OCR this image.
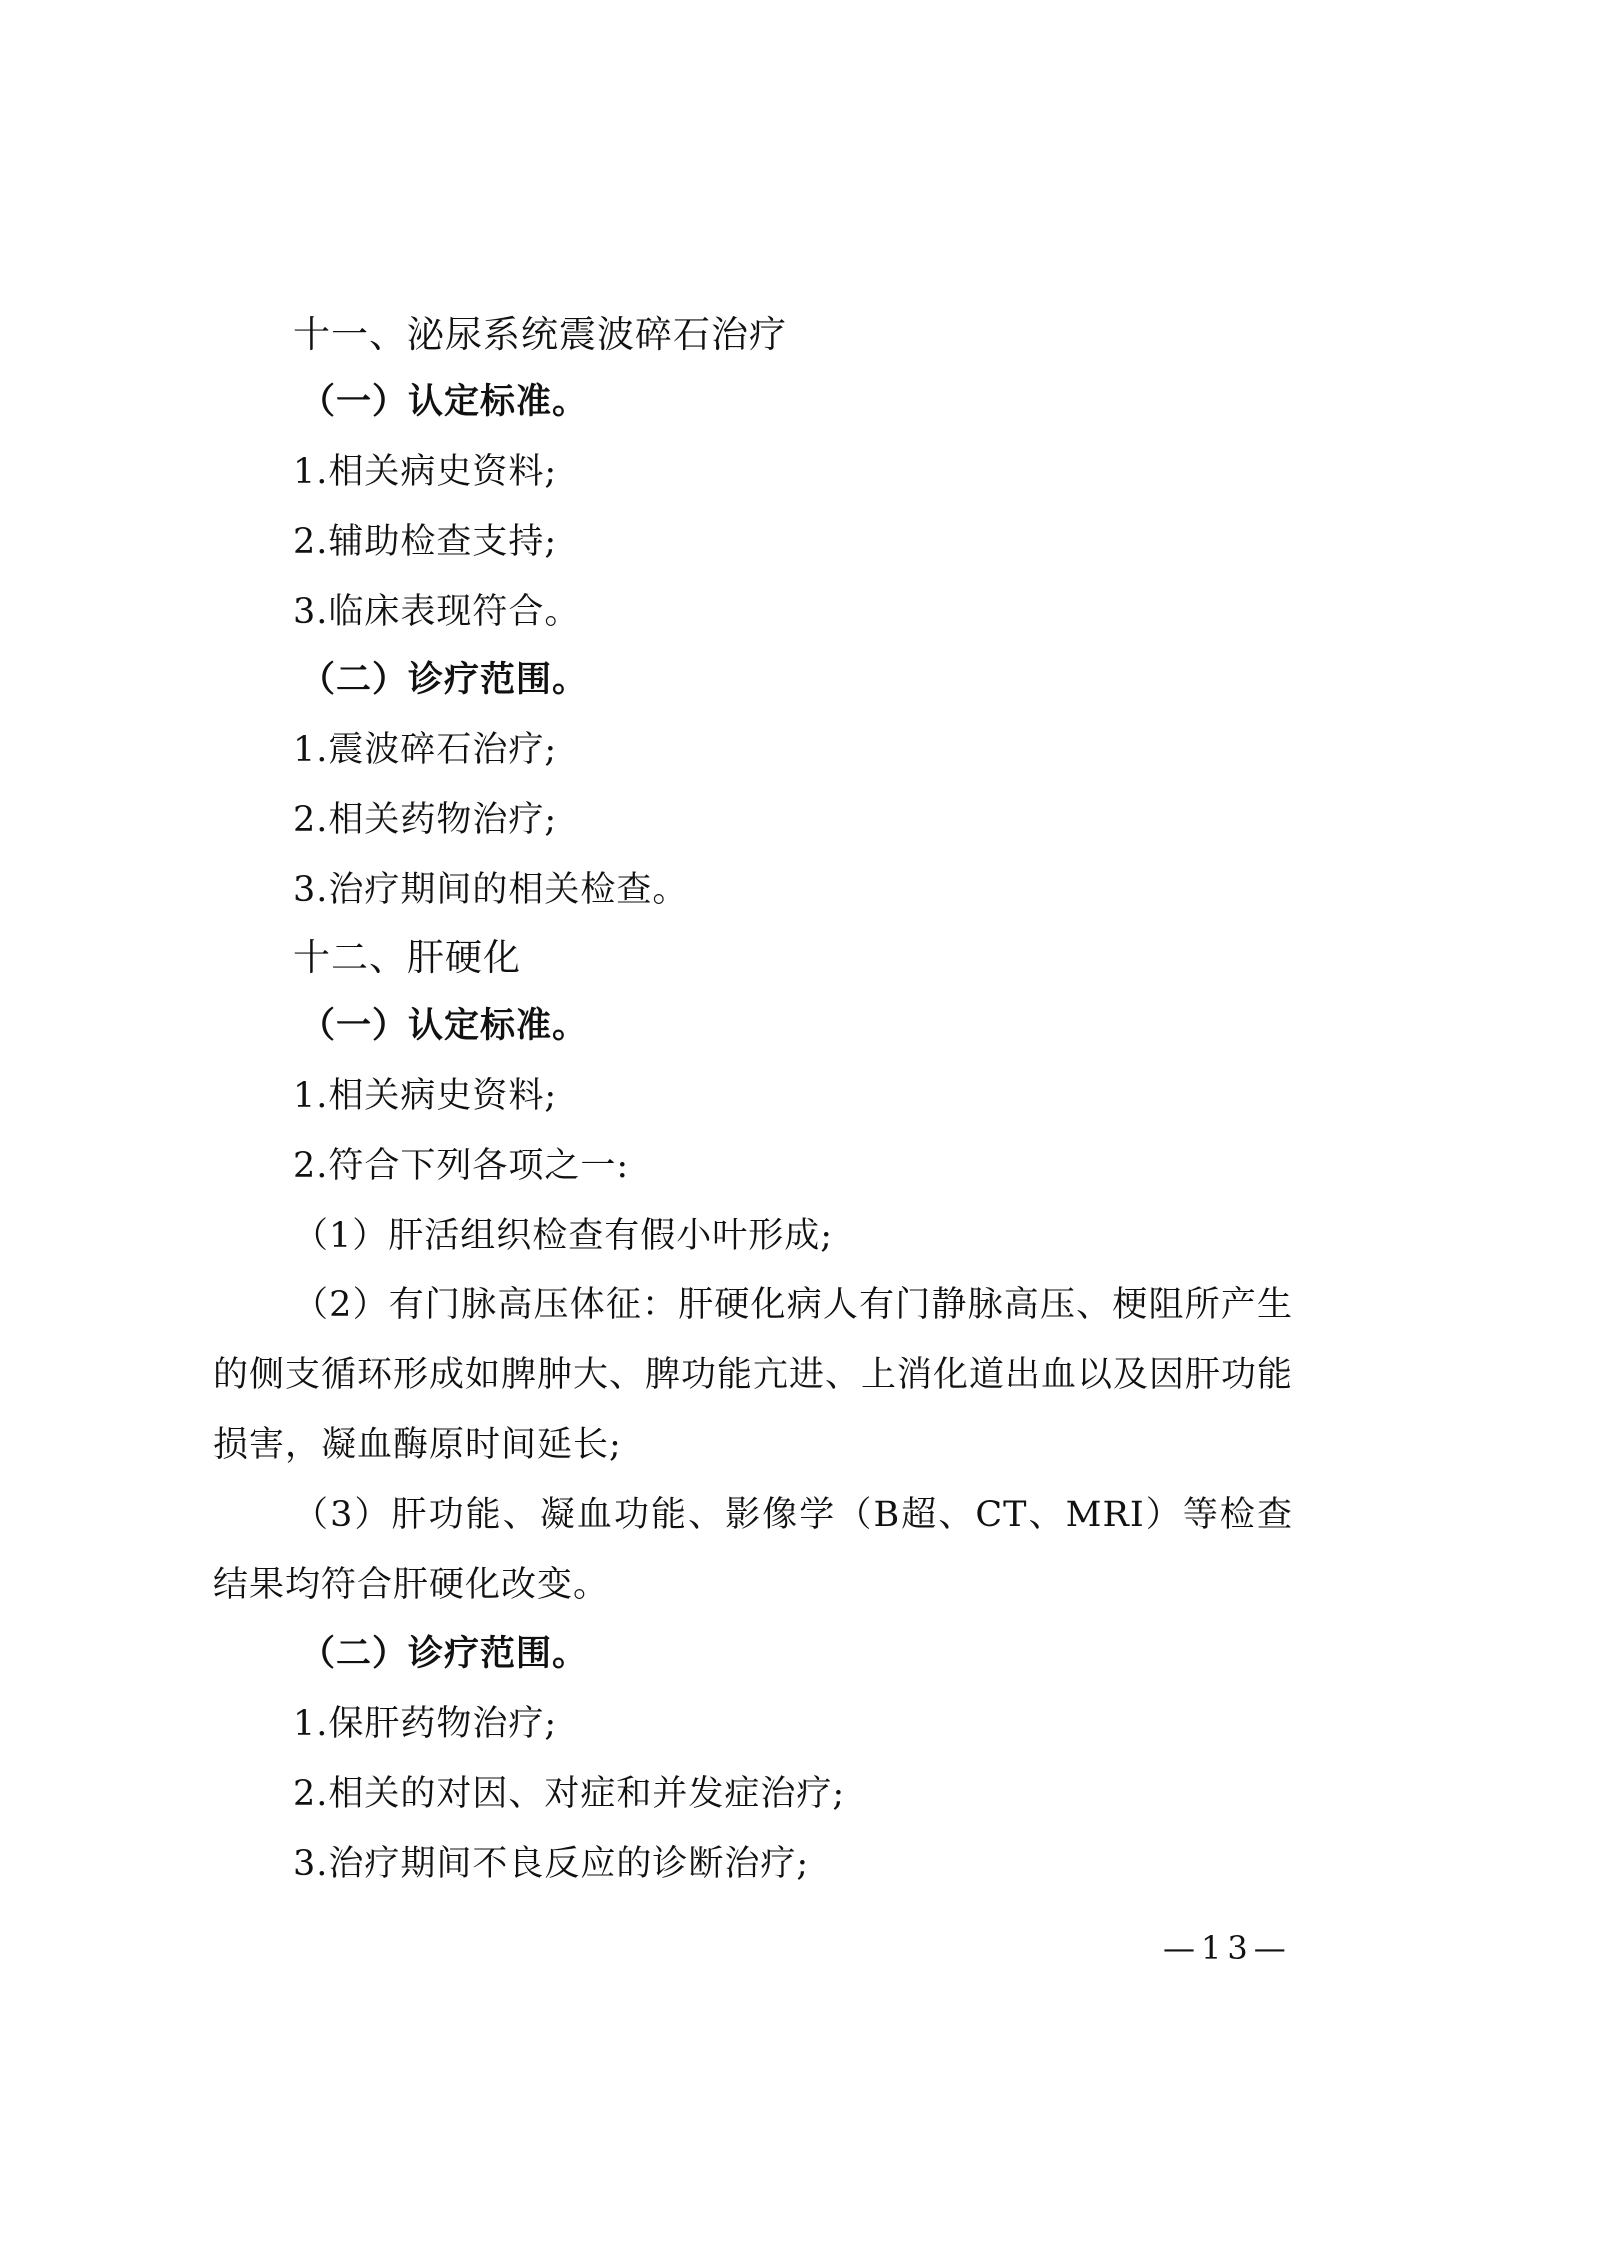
十一、泌尿系统震波碎石治疗
（一）认定标准。
1.相关病史资料;
2.辅助检查支持;
3.临床表现符合。
（二）诊疗范围。
1.震波碎石治疗;
2.相关药物治疗;
3.治疗期间的相关检查。
十二、肝硬化
（一）认定标准。
1.相关病史资料;
2.符合下列各项之一:
（1）肝活组织检查有假小叶形成;
（2）有门脉高压体征：肝硬化病人有门静脉高压、梗阻所产生的侧支循环形成如脾肿大、脾功能亢进、上消化道出血以及因肝功能损害，凝血酶原时间延长;
（3）肝功能、凝血功能、影像学（B超、CT、MRI）等检查结果均符合肝硬化改变。
（二）诊疗范围。
1.保肝药物治疗;
2.相关的对因、对症和并发症治疗;
3.治疗期间不良反应的诊断治疗;
—13—
